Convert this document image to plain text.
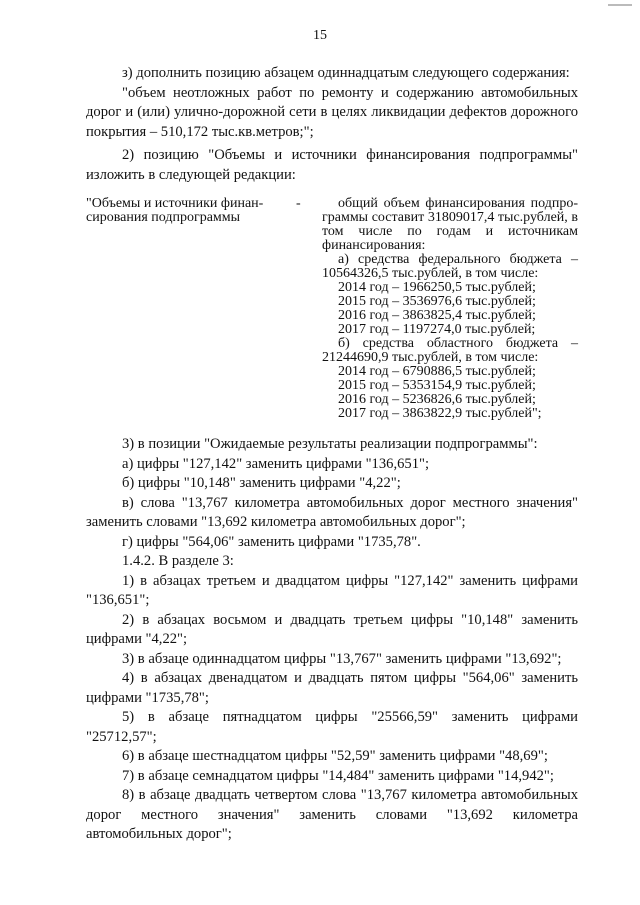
15

з) дополнить позицию абзацем одиннадцатым следующего содержания:

"объем неотложных работ по ремонту и содержанию автомобильных дорог и (или) улично-дорожной сети в целях ликвидации дефектов дорожного покрытия – 510,172 тыс.кв.метров;";

2) позицию "Объемы и источники финансирования подпрограммы" изложить в следующей редакции:

"Объемы и источники финан-сирования подпрограммы
-	общий объем финансирования подпро-граммы составит 31809017,4 тыс.рублей, в том числе по годам и источникам финансирования:
а) средства федерального бюджета – 10564326,5 тыс.рублей, в том числе:
2014 год – 1966250,5 тыс.рублей;
2015 год – 3536976,6 тыс.рублей;
2016 год – 3863825,4 тыс.рублей;
2017 год – 1197274,0 тыс.рублей;
б) средства областного бюджета – 21244690,9 тыс.рублей, в том числе:
2014 год – 6790886,5 тыс.рублей;
2015 год – 5353154,9 тыс.рублей;
2016 год – 5236826,6 тыс.рублей;
2017 год – 3863822,9 тыс.рублей";

3) в позиции "Ожидаемые результаты реализации подпрограммы":

а) цифры "127,142" заменить цифрами "136,651";

б) цифры "10,148" заменить цифрами "4,22";

в) слова "13,767 километра автомобильных дорог местного значения" заменить словами "13,692 километра автомобильных дорог";

г) цифры "564,06" заменить цифрами "1735,78".

1.4.2. В разделе 3:

1) в абзацах третьем и двадцатом цифры "127,142" заменить цифрами "136,651";

2) в абзацах восьмом и двадцать третьем цифры "10,148" заменить цифрами "4,22";

3) в абзаце одиннадцатом цифры "13,767" заменить цифрами "13,692";

4) в абзацах двенадцатом и двадцать пятом цифры "564,06" заменить цифрами "1735,78";

5) в абзаце пятнадцатом цифры "25566,59" заменить цифрами "25712,57";

6) в абзаце шестнадцатом цифры "52,59" заменить цифрами "48,69";

7) в абзаце семнадцатом цифры "14,484" заменить цифрами "14,942";

8) в абзаце двадцать четвертом слова "13,767 километра автомобильных дорог местного значения" заменить словами "13,692 километра автомобильных дорог";
